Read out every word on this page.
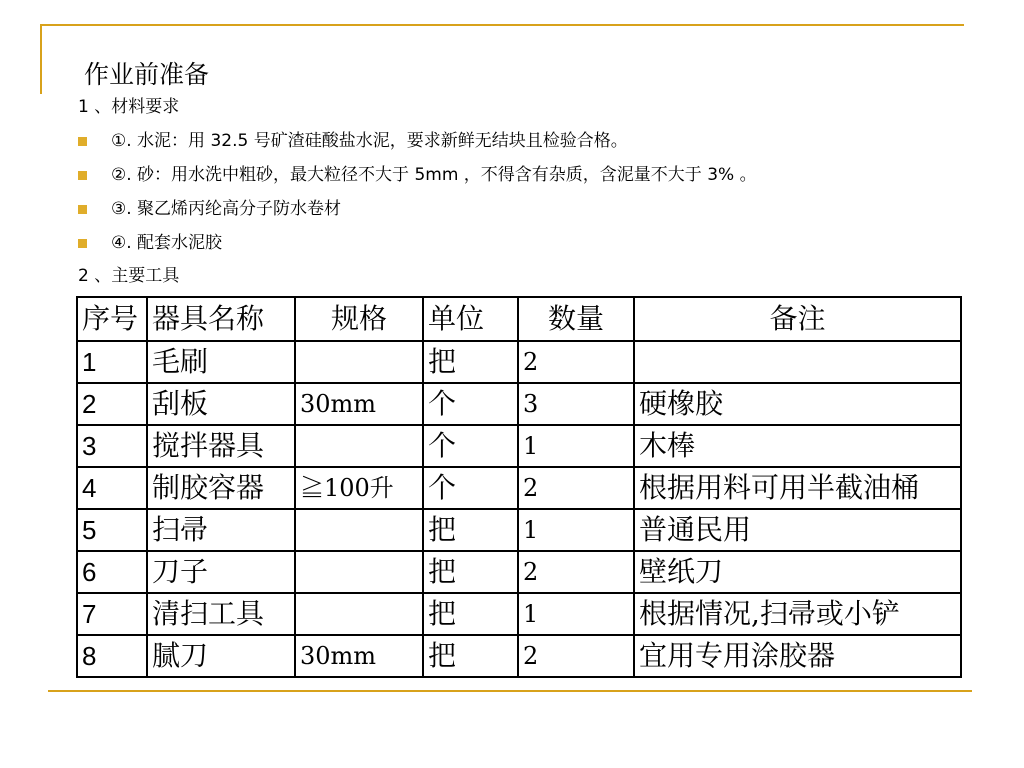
作业前准备
1 、材料要求
①. 水泥：用 32.5 号矿渣硅酸盐水泥，要求新鲜无结块且检验合格。
②. 砂：用水洗中粗砂，最大粒径不大于 5mm ，不得含有杂质，含泥量不大于 3% 。
③. 聚乙烯丙纶高分子防水卷材
④. 配套水泥胶
2 、主要工具
序号	器具名称	规格	单位	数量	备注
1	毛刷		把	2	
2	刮板	30mm	个	3	硬橡胶
3	搅拌器具		个	1	木棒
4	制胶容器	≧100升	个	2	根据用料可用半截油桶
5	扫帚		把	1	普通民用
6	刀子		把	2	壁纸刀
7	清扫工具		把	1	根据情况,扫帚或小铲
8	腻刀	30mm	把	2	宜用专用涂胶器
